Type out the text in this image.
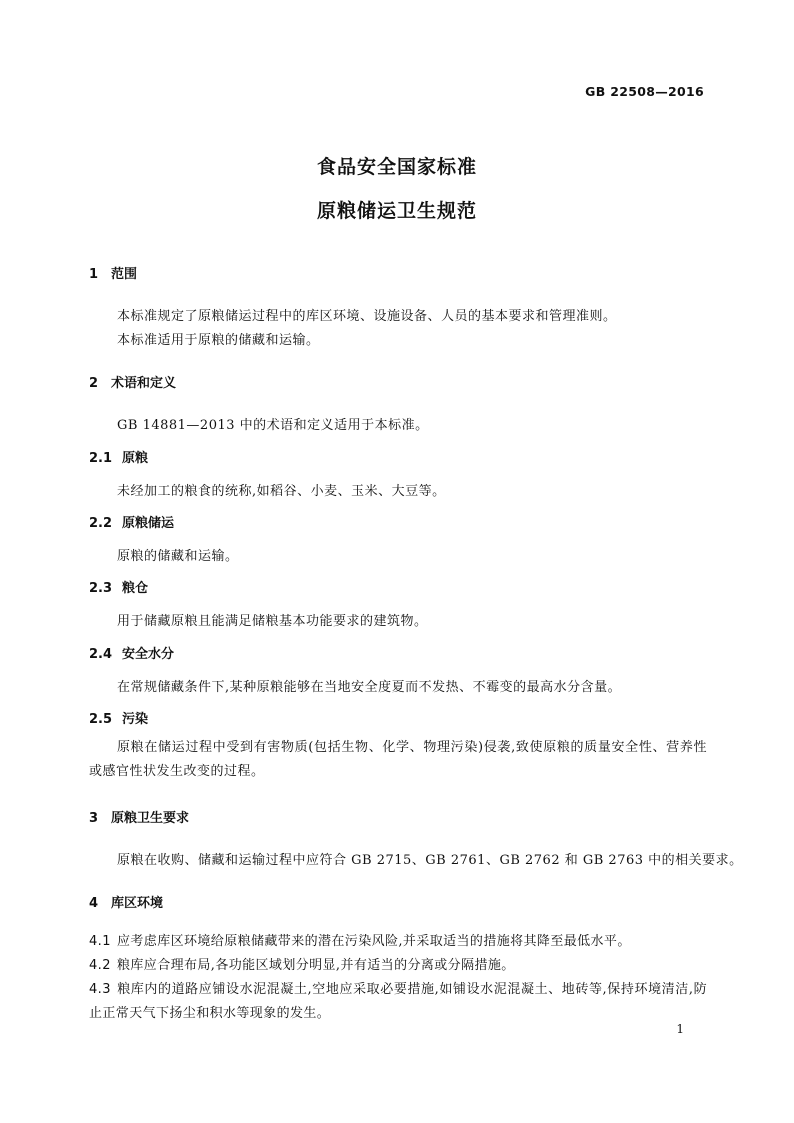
GB 22508—2016
食品安全国家标准
原粮储运卫生规范
1 范围
本标准规定了原粮储运过程中的库区环境、设施设备、人员的基本要求和管理准则。
本标准适用于原粮的储藏和运输。
2 术语和定义
GB 14881—2013 中的术语和定义适用于本标准。
2.1 原粮
未经加工的粮食的统称,如稻谷、小麦、玉米、大豆等。
2.2 原粮储运
原粮的储藏和运输。
2.3 粮仓
用于储藏原粮且能满足储粮基本功能要求的建筑物。
2.4 安全水分
在常规储藏条件下,某种原粮能够在当地安全度夏而不发热、不霉变的最高水分含量。
2.5 污染
原粮在储运过程中受到有害物质(包括生物、化学、物理污染)侵袭,致使原粮的质量安全性、营养性或感官性状发生改变的过程。
3 原粮卫生要求
原粮在收购、储藏和运输过程中应符合 GB 2715、GB 2761、GB 2762 和 GB 2763 中的相关要求。
4 库区环境
4.1 应考虑库区环境给原粮储藏带来的潜在污染风险,并采取适当的措施将其降至最低水平。
4.2 粮库应合理布局,各功能区域划分明显,并有适当的分离或分隔措施。
4.3 粮库内的道路应铺设水泥混凝土,空地应采取必要措施,如铺设水泥混凝土、地砖等,保持环境清洁,防止正常天气下扬尘和积水等现象的发生。
1
